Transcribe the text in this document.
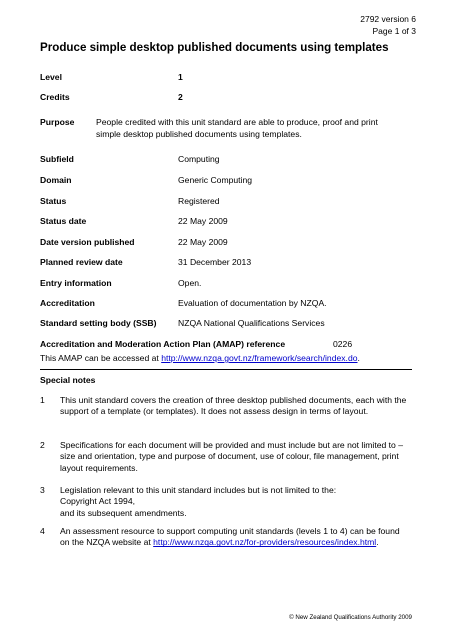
2792 version 6
Page 1 of 3
Produce simple desktop published documents using templates
Level	1
Credits	2
Purpose	People credited with this unit standard are able to produce, proof and print simple desktop published documents using templates.
Subfield	Computing
Domain	Generic Computing
Status	Registered
Status date	22 May 2009
Date version published	22 May 2009
Planned review date	31 December 2013
Entry information	Open.
Accreditation	Evaluation of documentation by NZQA.
Standard setting body (SSB)	NZQA National Qualifications Services
Accreditation and Moderation Action Plan (AMAP) reference	0226
This AMAP can be accessed at http://www.nzqa.govt.nz/framework/search/index.do.
Special notes
1 This unit standard covers the creation of three desktop published documents, each with the support of a template (or templates). It does not assess design in terms of layout.
2 Specifications for each document will be provided and must include but are not limited to – size and orientation, type and purpose of document, use of colour, file management, print layout requirements.
3 Legislation relevant to this unit standard includes but is not limited to the:
Copyright Act 1994,
and its subsequent amendments.
4 An assessment resource to support computing unit standards (levels 1 to 4) can be found on the NZQA website at http://www.nzqa.govt.nz/for-providers/resources/index.html.
© New Zealand Qualifications Authority 2009
